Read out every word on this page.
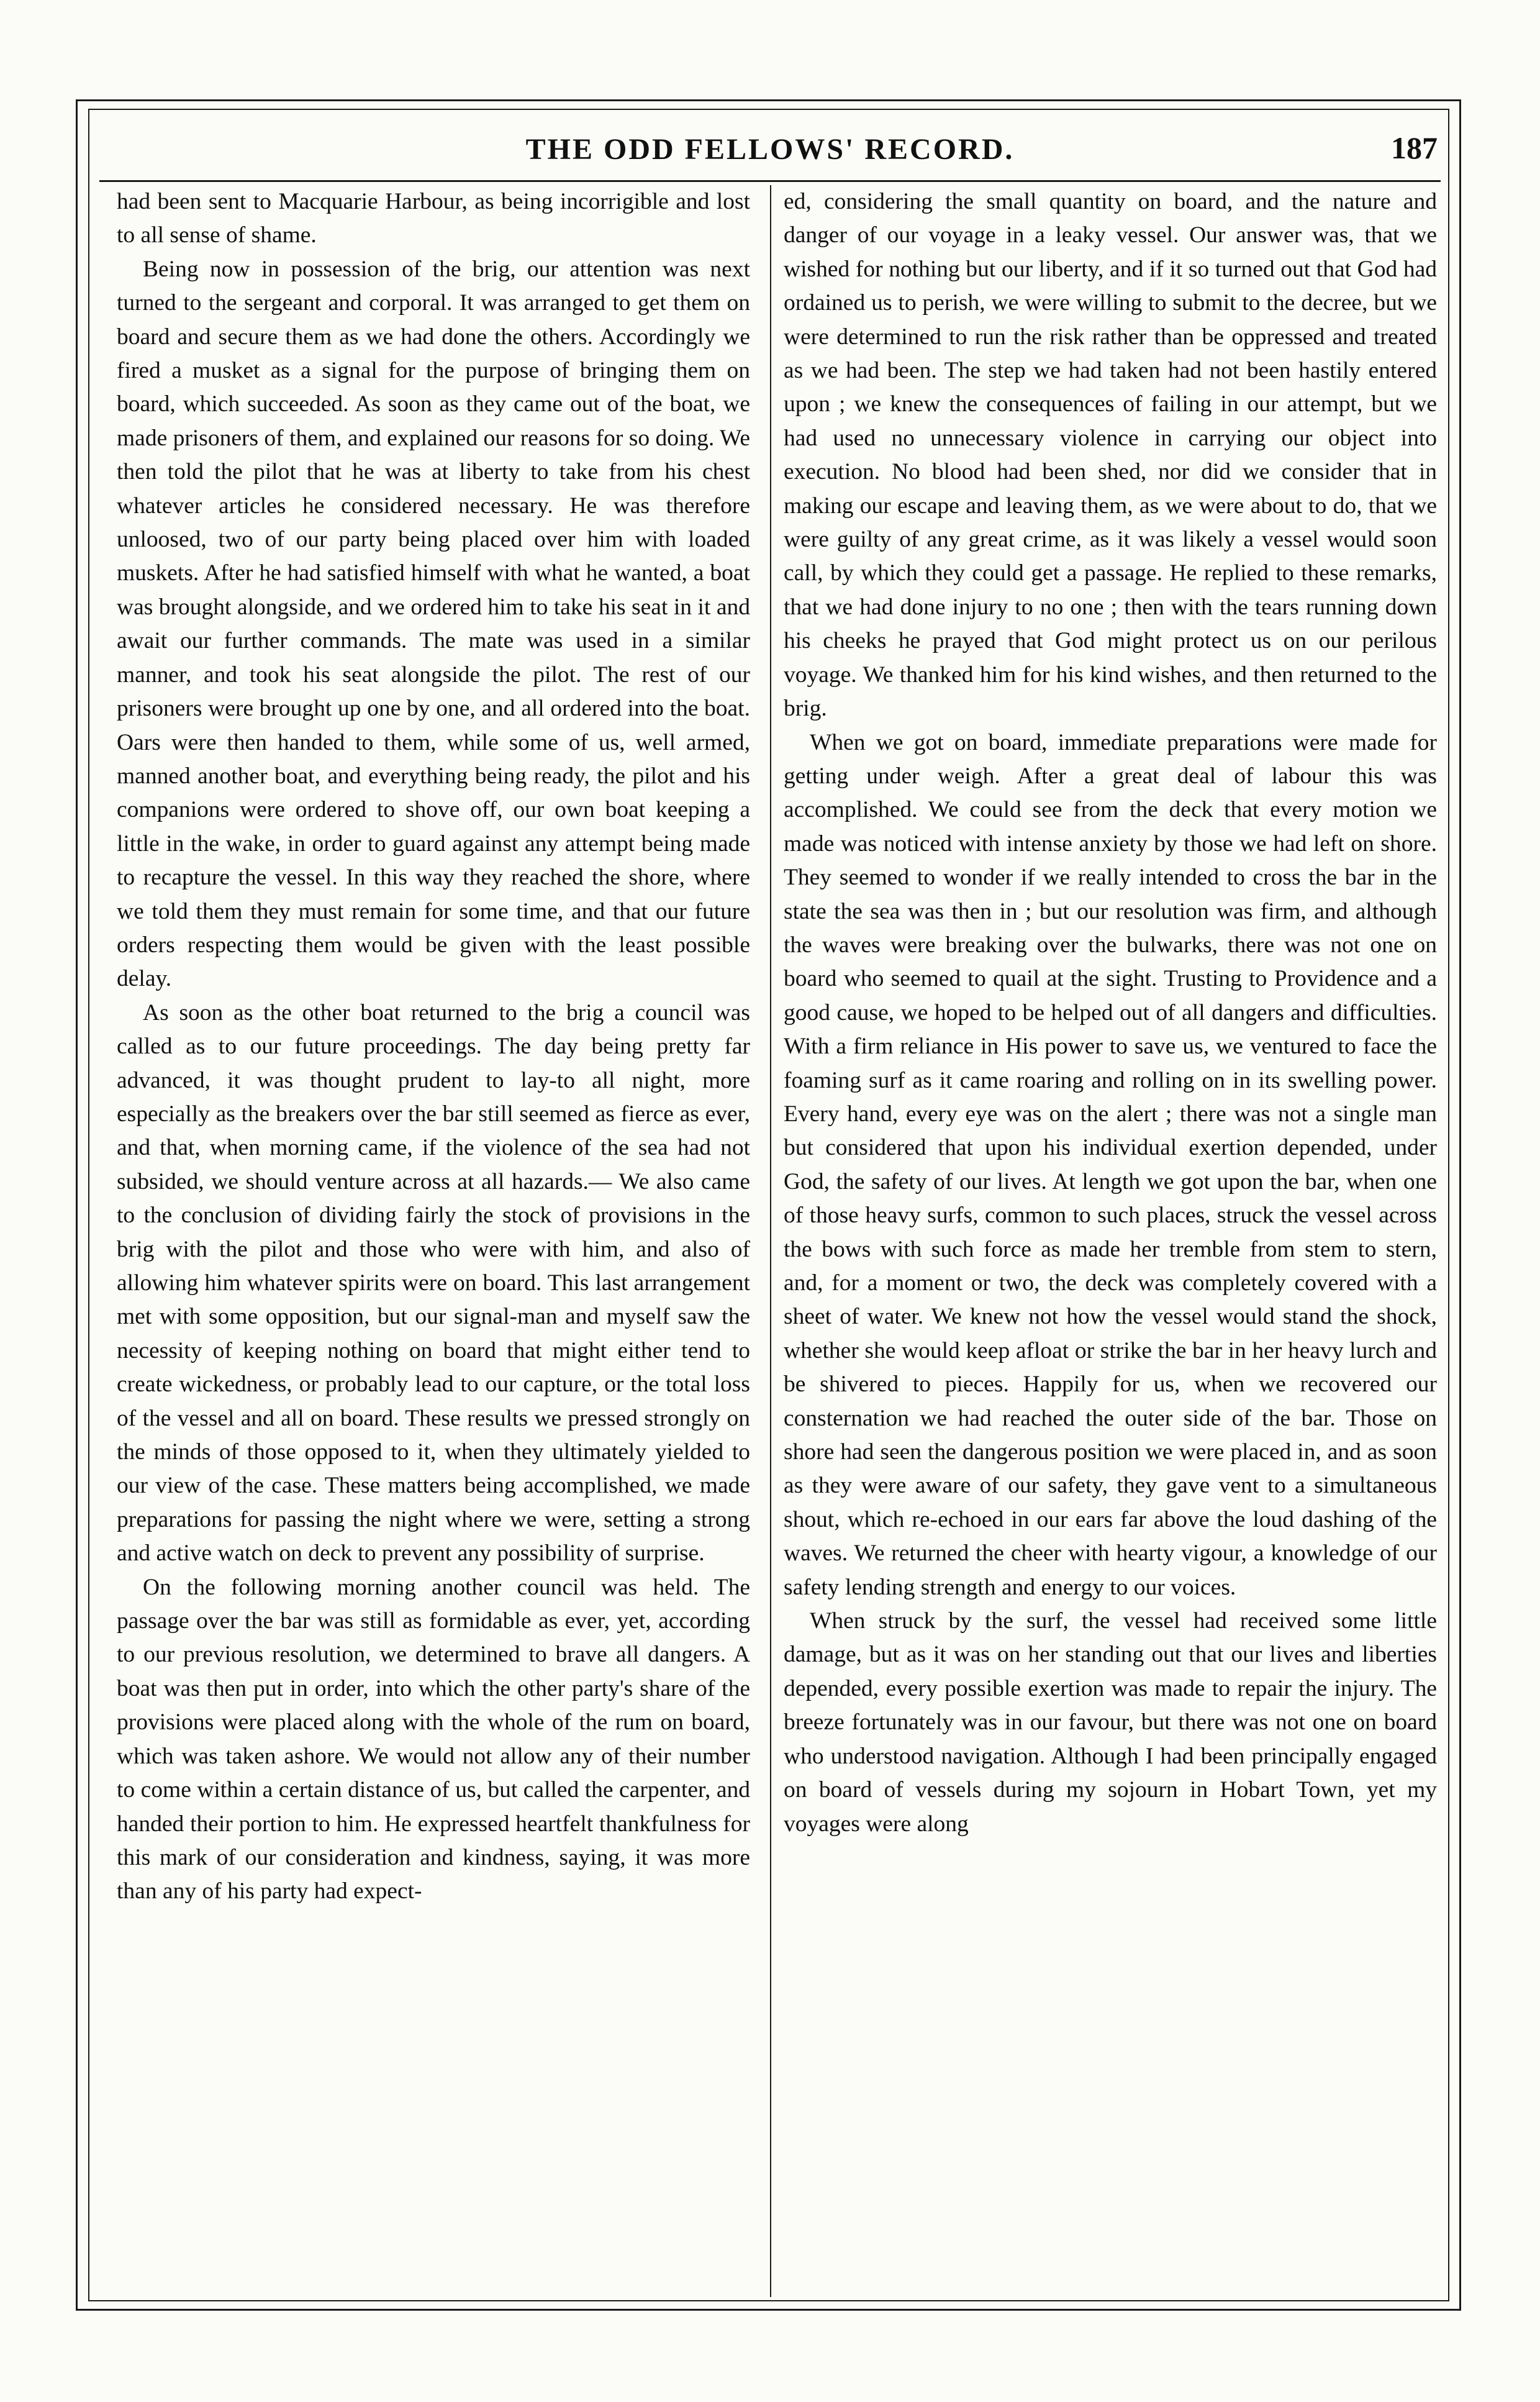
THE ODD FELLOWS' RECORD.	187

had been sent to Macquarie Harbour, as being incorrigible and lost to all sense of shame.

Being now in possession of the brig, our attention was next turned to the sergeant and corporal. It was arranged to get them on board and secure them as we had done the others. Accordingly we fired a musket as a signal for the purpose of bringing them on board, which succeeded. As soon as they came out of the boat, we made prisoners of them, and explained our reasons for so doing. We then told the pilot that he was at liberty to take from his chest whatever articles he considered necessary. He was therefore unloosed, two of our party being placed over him with loaded muskets. After he had satisfied himself with what he wanted, a boat was brought alongside, and we ordered him to take his seat in it and await our further commands. The mate was used in a similar manner, and took his seat alongside the pilot. The rest of our prisoners were brought up one by one, and all ordered into the boat. Oars were then handed to them, while some of us, well armed, manned another boat, and everything being ready, the pilot and his companions were ordered to shove off, our own boat keeping a little in the wake, in order to guard against any attempt being made to recapture the vessel. In this way they reached the shore, where we told them they must remain for some time, and that our future orders respecting them would be given with the least possible delay.

As soon as the other boat returned to the brig a council was called as to our future proceedings. The day being pretty far advanced, it was thought prudent to lay-to all night, more especially as the breakers over the bar still seemed as fierce as ever, and that, when morning came, if the violence of the sea had not subsided, we should venture across at all hazards.— We also came to the conclusion of dividing fairly the stock of provisions in the brig with the pilot and those who were with him, and also of allowing him whatever spirits were on board. This last arrangement met with some opposition, but our signal-man and myself saw the necessity of keeping nothing on board that might either tend to create wickedness, or probably lead to our capture, or the total loss of the vessel and all on board. These results we pressed strongly on the minds of those opposed to it, when they ultimately yielded to our view of the case. These matters being accomplished, we made preparations for passing the night where we were, setting a strong and active watch on deck to prevent any possibility of surprise.

On the following morning another council was held. The passage over the bar was still as formidable as ever, yet, according to our previous resolution, we determined to brave all dangers. A boat was then put in order, into which the other party's share of the provisions were placed along with the whole of the rum on board, which was taken ashore. We would not allow any of their number to come within a certain distance of us, but called the carpenter, and handed their portion to him. He expressed heartfelt thankfulness for this mark of our consideration and kindness, saying, it was more than any of his party had expect-

ed, considering the small quantity on board, and the nature and danger of our voyage in a leaky vessel. Our answer was, that we wished for nothing but our liberty, and if it so turned out that God had ordained us to perish, we were willing to submit to the decree, but we were determined to run the risk rather than be oppressed and treated as we had been. The step we had taken had not been hastily entered upon ; we knew the consequences of failing in our attempt, but we had used no unnecessary violence in carrying our object into execution. No blood had been shed, nor did we consider that in making our escape and leaving them, as we were about to do, that we were guilty of any great crime, as it was likely a vessel would soon call, by which they could get a passage. He replied to these remarks, that we had done injury to no one ; then with the tears running down his cheeks he prayed that God might protect us on our perilous voyage. We thanked him for his kind wishes, and then returned to the brig.

When we got on board, immediate preparations were made for getting under weigh. After a great deal of labour this was accomplished. We could see from the deck that every motion we made was noticed with intense anxiety by those we had left on shore. They seemed to wonder if we really intended to cross the bar in the state the sea was then in ; but our resolution was firm, and although the waves were breaking over the bulwarks, there was not one on board who seemed to quail at the sight. Trusting to Providence and a good cause, we hoped to be helped out of all dangers and difficulties. With a firm reliance in His power to save us, we ventured to face the foaming surf as it came roaring and rolling on in its swelling power. Every hand, every eye was on the alert ; there was not a single man but considered that upon his individual exertion depended, under God, the safety of our lives. At length we got upon the bar, when one of those heavy surfs, common to such places, struck the vessel across the bows with such force as made her tremble from stem to stern, and, for a moment or two, the deck was completely covered with a sheet of water. We knew not how the vessel would stand the shock, whether she would keep afloat or strike the bar in her heavy lurch and be shivered to pieces. Happily for us, when we recovered our consternation we had reached the outer side of the bar. Those on shore had seen the dangerous position we were placed in, and as soon as they were aware of our safety, they gave vent to a simultaneous shout, which re-echoed in our ears far above the loud dashing of the waves. We returned the cheer with hearty vigour, a knowledge of our safety lending strength and energy to our voices.

When struck by the surf, the vessel had received some little damage, but as it was on her standing out that our lives and liberties depended, every possible exertion was made to repair the injury. The breeze fortunately was in our favour, but there was not one on board who understood navigation. Although I had been principally engaged on board of vessels during my sojourn in Hobart Town, yet my voyages were along
